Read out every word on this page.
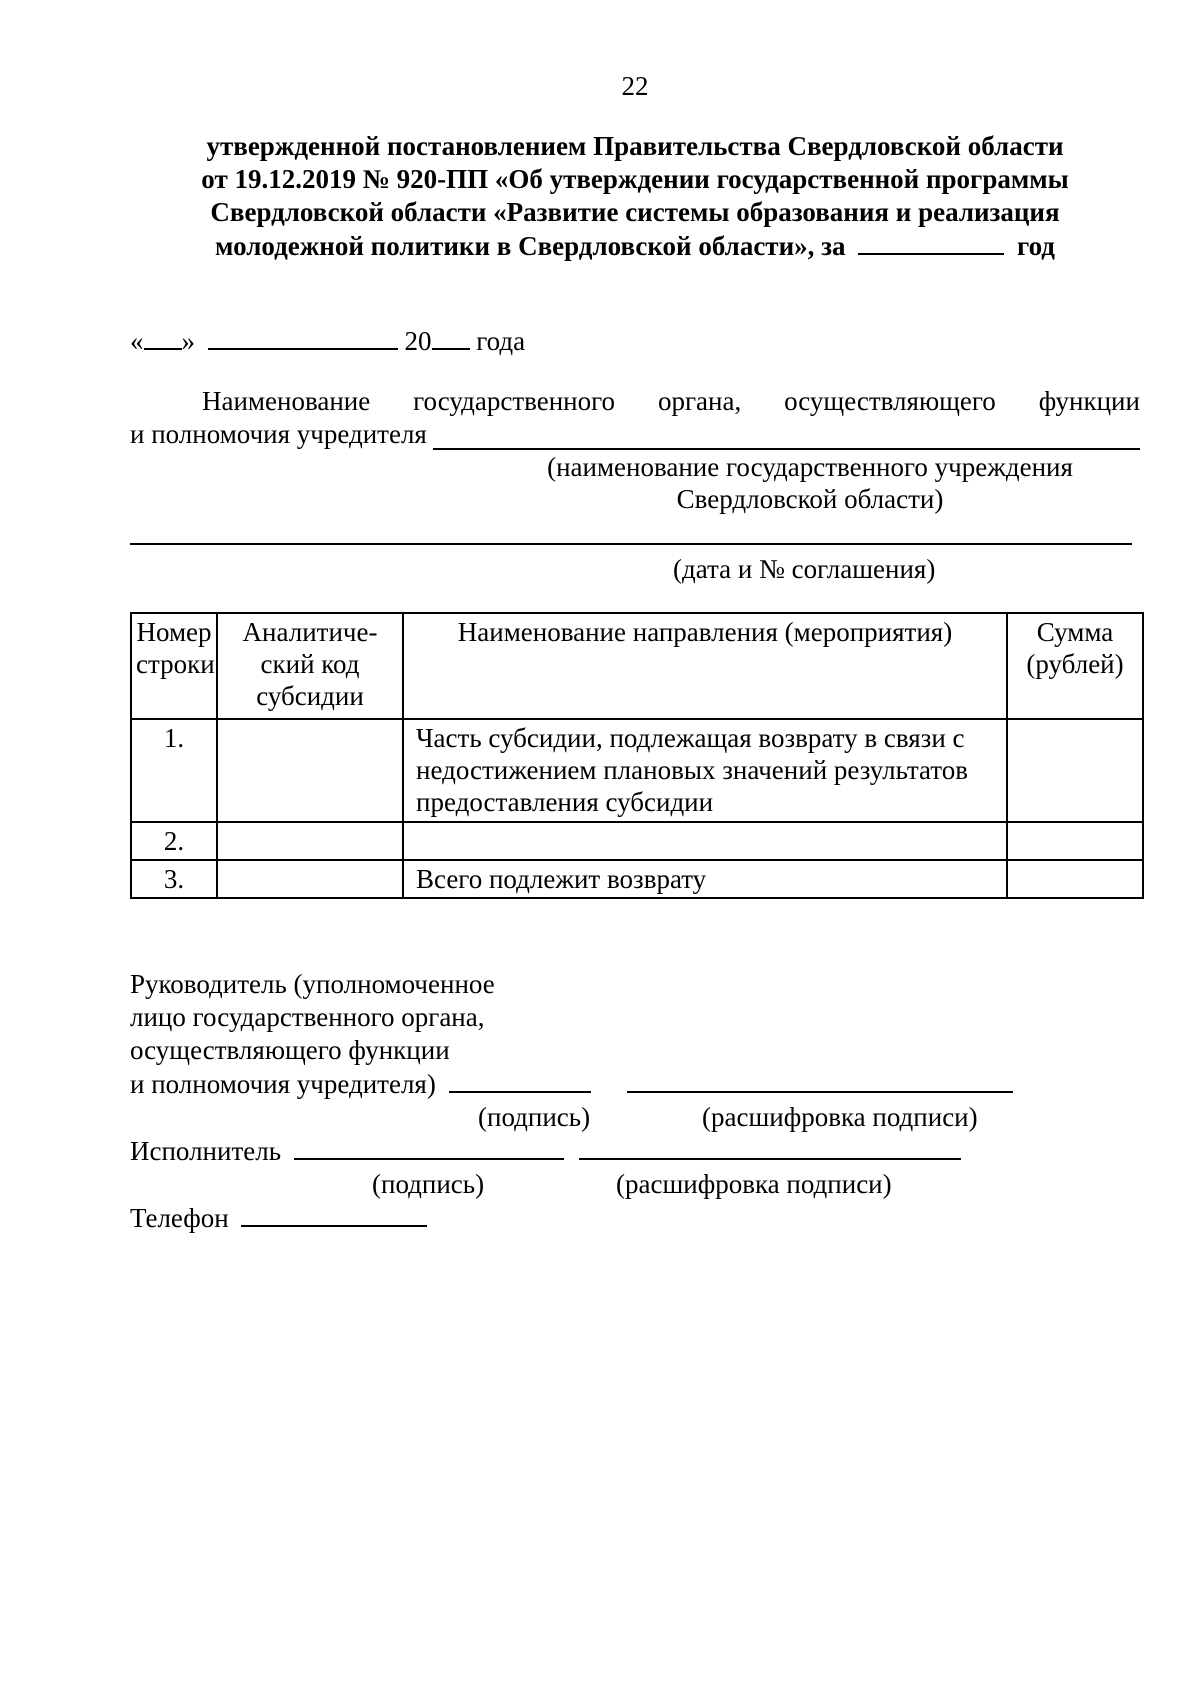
22
утвержденной постановлением Правительства Свердловской области
от 19.12.2019 № 920-ПП «Об утверждении государственной программы
Свердловской области «Развитие системы образования и реализация
молодежной политики в Свердловской области», за	год
« »	20 года
Наименование государственного органа, осуществляющего функции
и полномочия учредителя
(наименование государственного учреждения
Свердловской области)
(дата и № соглашения)
Номер строки	Аналитиче-ский код субсидии	Наименование направления (мероприятия)	Сумма (рублей)
1.		Часть субсидии, подлежащая возврату в связи с недостижением плановых значений результатов предоставления субсидии	
2.			
3.		Всего подлежит возврату	
Руководитель (уполномоченное
лицо государственного органа,
осуществляющего функции
и полномочия учредителя)
(подпись)	(расшифровка подписи)
Исполнитель
(подпись)	(расшифровка подписи)
Телефон
